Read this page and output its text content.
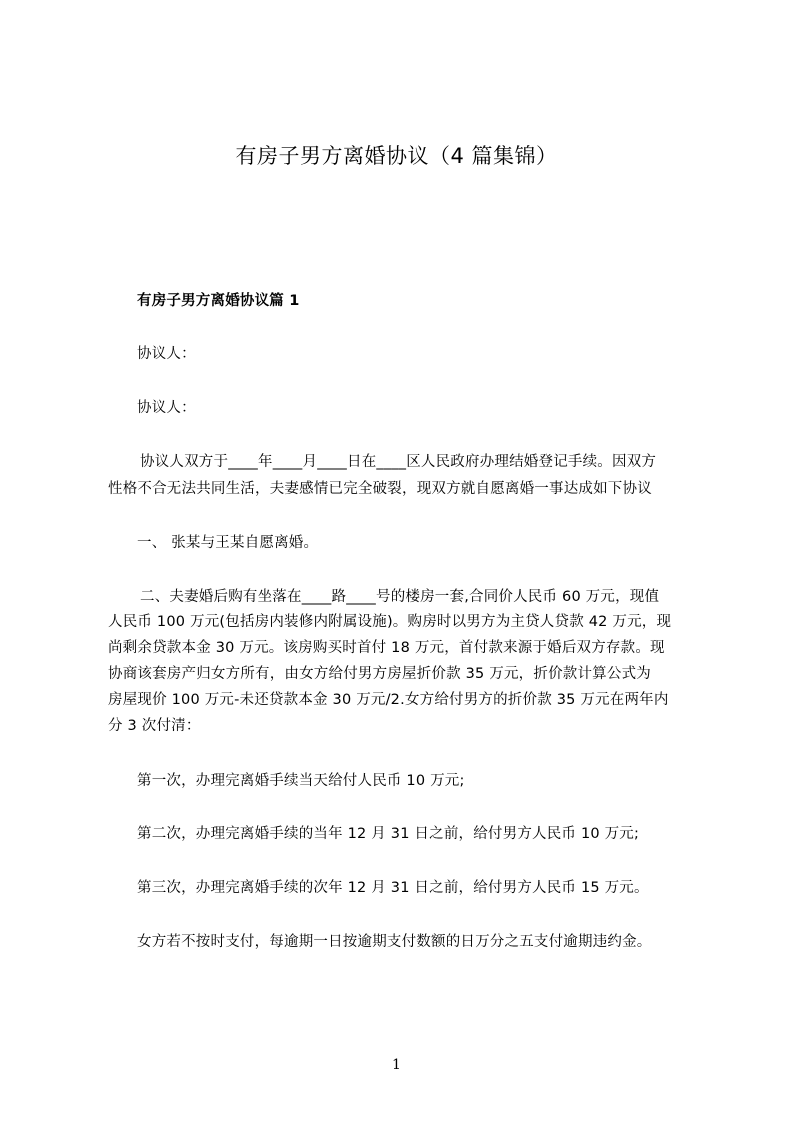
有房子男方离婚协议（4 篇集锦）
有房子男方离婚协议篇 1
协议人：
协议人：
协议人双方于____年____月____日在____区人民政府办理结婚登记手续。因双方
性格不合无法共同生活，夫妻感情已完全破裂，现双方就自愿离婚一事达成如下协议
一、 张某与王某自愿离婚。
二、夫妻婚后购有坐落在____路____号的楼房一套,合同价人民币 60 万元，现值
人民币 100 万元(包括房内装修内附属设施)。购房时以男方为主贷人贷款 42 万元，现
尚剩余贷款本金 30 万元。该房购买时首付 18 万元，首付款来源于婚后双方存款。现
协商该套房产归女方所有，由女方给付男方房屋折价款 35 万元，折价款计算公式为
房屋现价 100 万元-未还贷款本金 30 万元/2.女方给付男方的折价款 35 万元在两年内
分 3 次付清：
第一次，办理完离婚手续当天给付人民币 10 万元;
第二次，办理完离婚手续的当年 12 月 31 日之前，给付男方人民币 10 万元;
第三次，办理完离婚手续的次年 12 月 31 日之前，给付男方人民币 15 万元。
女方若不按时支付，每逾期一日按逾期支付数额的日万分之五支付逾期违约金。
1
